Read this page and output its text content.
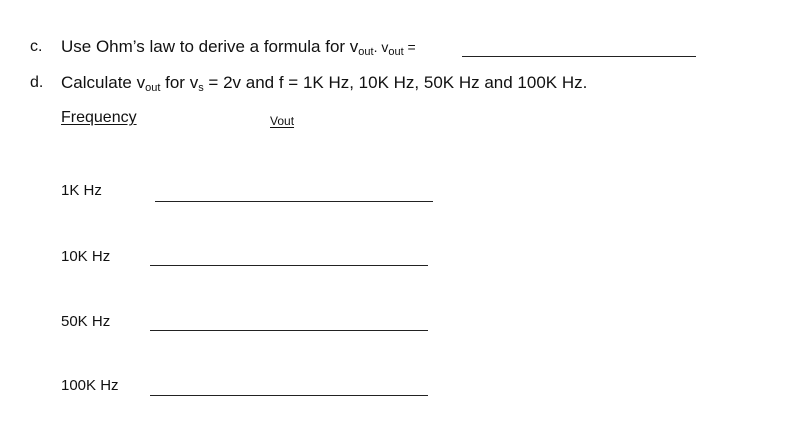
c. Use Ohm’s law to derive a formula for $v_{out}$. $v_{out}$ =
d. Calculate $v_{out}$ for $v_s = 2v$ and f = 1K Hz, 10K Hz, 50K Hz and 100K Hz.
Frequency	Vout
1K Hz
10K Hz
50K Hz
100K Hz
